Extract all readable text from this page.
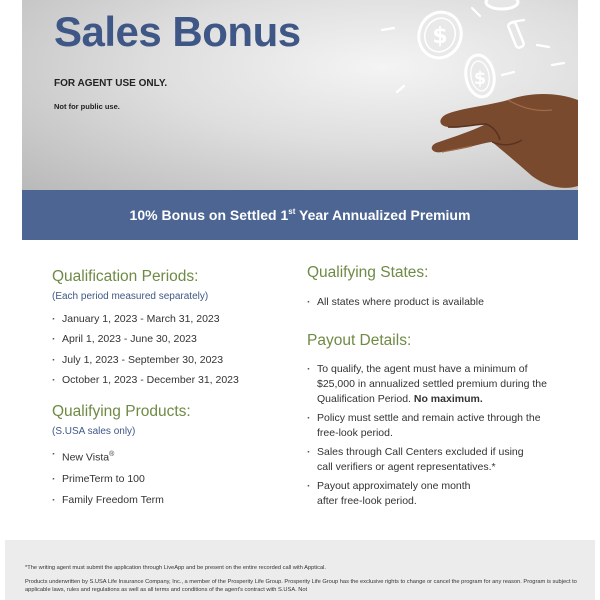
Sales Bonus
FOR AGENT USE ONLY.
Not for public use.
$
$
10% Bonus on Settled 1st Year Annualized Premium
Qualification Periods:

(Each period measured separately)

· January 1, 2023 - March 31, 2023
· April 1, 2023 - June 30, 2023
· July 1, 2023 - September 30, 2023
· October 1, 2023 - December 31, 2023
Qualifying Products:

(S.USA sales only)

· New Vista®
· PrimeTerm to 100
· Family Freedom Term
Qualifying States:
· All states where product is available
Payout Details:
· To qualify, the agent must have a minimum of $25,000 in annualized settled premium during the Qualification Period. No maximum.
· Policy must settle and remain active through the free-look period.
· Sales through Call Centers excluded if using call verifiers or agent representatives.*
· Payout approximately one month after free-look period.
*The writing agent must submit the application through LiveApp and be present on the entire recorded call with Apptical.
Products underwritten by S.USA Life Insurance Company, Inc., a member of the Prosperity Life Group. Prosperity Life Group has the exclusive rights to change or cancel the program for any reason. Program is subject to applicable laws, rules and regulations as well as all terms and conditions of the agent's contract with S.USA. Not
